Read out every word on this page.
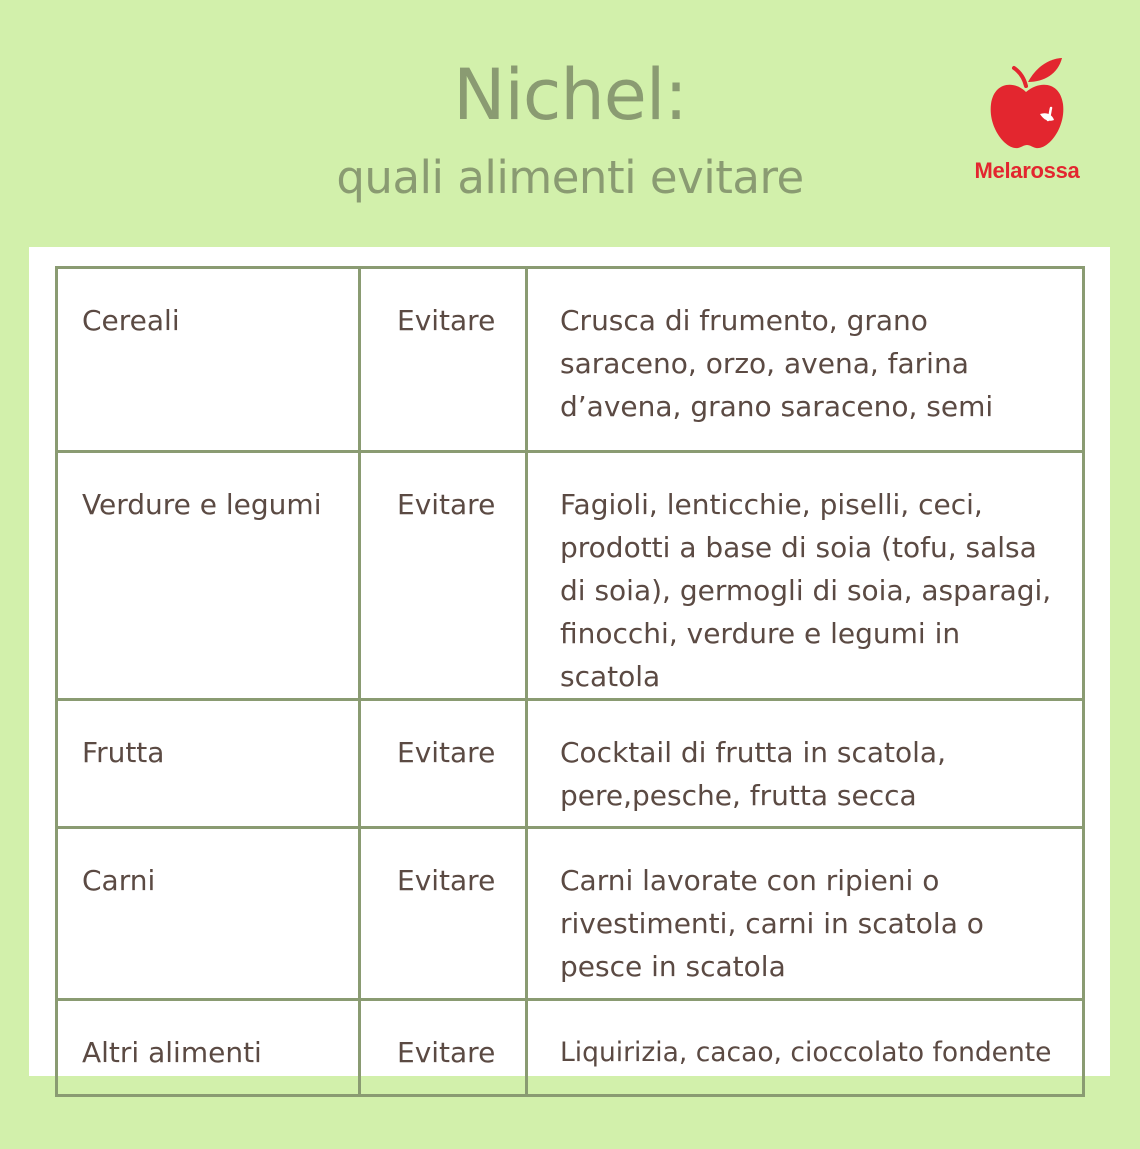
Nichel:
quali alimenti evitare	Melarossa
Cereali	Evitare	Crusca di frumento, grano saraceno, orzo, avena, farina d’avena, grano saraceno, semi
Verdure e legumi	Evitare	Fagioli, lenticchie, piselli, ceci, prodotti a base di soia (tofu, salsa di soia), germogli di soia, asparagi, finocchi, verdure e legumi in scatola
Frutta	Evitare	Cocktail di frutta in scatola, pere,pesche, frutta secca
Carni	Evitare	Carni lavorate con ripieni o rivestimenti, carni in scatola o pesce in scatola
Altri alimenti	Evitare	Liquirizia, cacao, cioccolato fondente
